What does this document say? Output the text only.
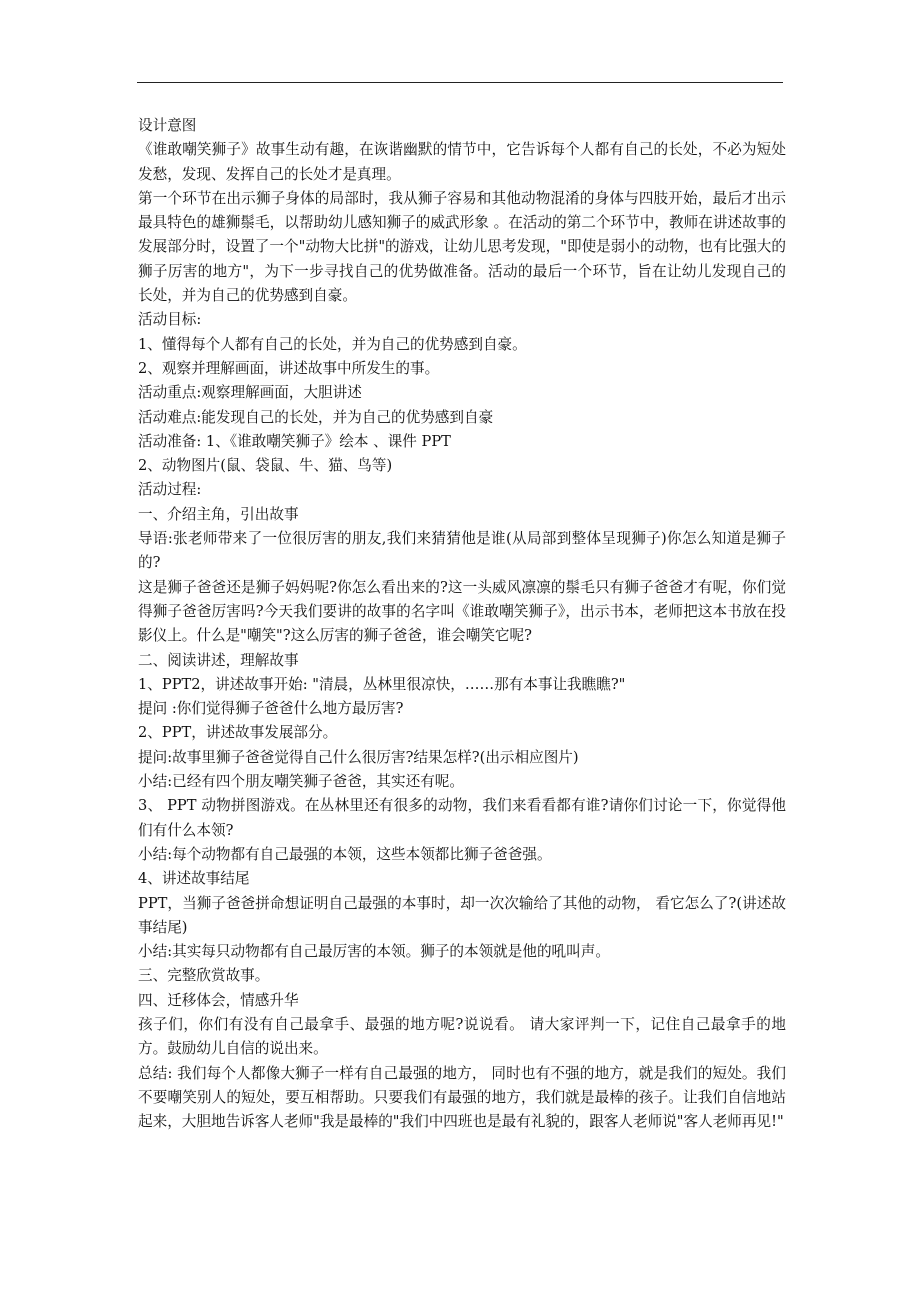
设计意图

《谁敢嘲笑狮子》故事生动有趣，在诙谐幽默的情节中，它告诉每个人都有自己的长处，不必为短处发愁，发现、发挥自己的长处才是真理。

第一个环节在出示狮子身体的局部时，我从狮子容易和其他动物混淆的身体与四肢开始，最后才出示最具特色的雄狮鬃毛，以帮助幼儿感知狮子的威武形象 。在活动的第二个环节中，教师在讲述故事的发展部分时，设置了一个"动物大比拼"的游戏，让幼儿思考发现，"即使是弱小的动物，也有比强大的狮子厉害的地方"，为下一步寻找自己的优势做准备。活动的最后一个环节，旨在让幼儿发现自己的长处，并为自己的优势感到自豪。

活动目标:

1、懂得每个人都有自己的长处，并为自己的优势感到自豪。

2、观察并理解画面，讲述故事中所发生的事。

活动重点:观察理解画面，大胆讲述

活动难点:能发现自己的长处，并为自己的优势感到自豪

活动准备: 1、《谁敢嘲笑狮子》绘本 、课件 PPT

2、动物图片(鼠、袋鼠、牛、猫、鸟等)

活动过程:

一、介绍主角，引出故事

导语:张老师带来了一位很厉害的朋友,我们来猜猜他是谁(从局部到整体呈现狮子)你怎么知道是狮子的?

这是狮子爸爸还是狮子妈妈呢?你怎么看出来的?这一头威风凛凛的鬃毛只有狮子爸爸才有呢，你们觉得狮子爸爸厉害吗?今天我们要讲的故事的名字叫《谁敢嘲笑狮子》，出示书本，老师把这本书放在投影仪上。什么是"嘲笑"?这么厉害的狮子爸爸，谁会嘲笑它呢?

二、阅读讲述，理解故事

1、PPT2，讲述故事开始: "清晨，丛林里很凉快，……那有本事让我瞧瞧?"

提问 :你们觉得狮子爸爸什么地方最厉害?

2、PPT，讲述故事发展部分。

提问:故事里狮子爸爸觉得自己什么很厉害?结果怎样?(出示相应图片)

小结:已经有四个朋友嘲笑狮子爸爸，其实还有呢。

3、 PPT 动物拼图游戏。在丛林里还有很多的动物，我们来看看都有谁?请你们讨论一下，你觉得他们有什么本领?

小结:每个动物都有自己最强的本领，这些本领都比狮子爸爸强。

4、讲述故事结尾

PPT，当狮子爸爸拼命想证明自己最强的本事时，却一次次输给了其他的动物， 看它怎么了?(讲述故事结尾)

小结:其实每只动物都有自己最厉害的本领。狮子的本领就是他的吼叫声。

三、完整欣赏故事。

四、迁移体会，情感升华

孩子们，你们有没有自己最拿手、最强的地方呢?说说看。 请大家评判一下，记住自己最拿手的地方。鼓励幼儿自信的说出来。

总结: 我们每个人都像大狮子一样有自己最强的地方， 同时也有不强的地方，就是我们的短处。我们不要嘲笑别人的短处，要互相帮助。只要我们有最强的地方，我们就是最棒的孩子。让我们自信地站起来，大胆地告诉客人老师"我是最棒的"我们中四班也是最有礼貌的，跟客人老师说"客人老师再见!"
